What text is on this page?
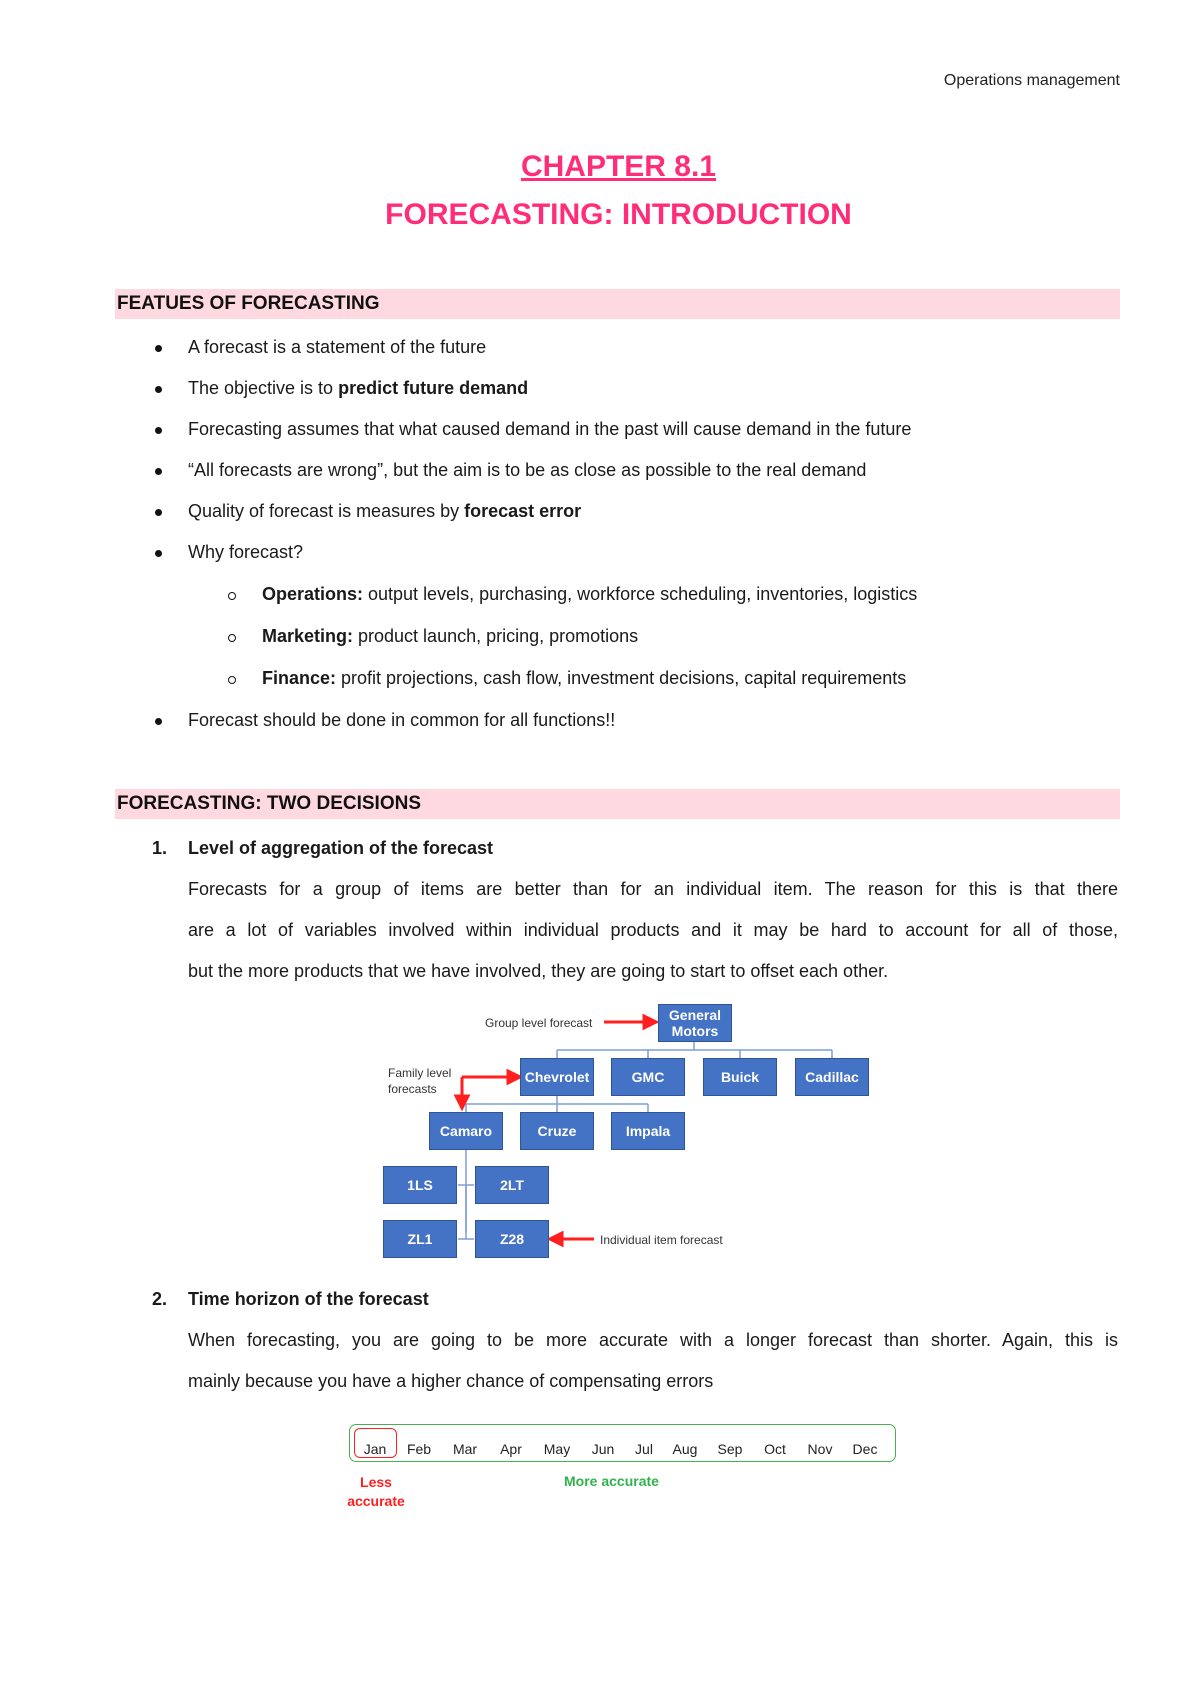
Operations management
CHAPTER 8.1
FORECASTING: INTRODUCTION
FEATUES OF FORECASTING
A forecast is a statement of the future
The objective is to predict future demand
Forecasting assumes that what caused demand in the past will cause demand in the future
“All forecasts are wrong”, but the aim is to be as close as possible to the real demand
Quality of forecast is measures by forecast error
Why forecast?
Operations: output levels, purchasing, workforce scheduling, inventories, logistics
Marketing: product launch, pricing, promotions
Finance: profit projections, cash flow, investment decisions, capital requirements
Forecast should be done in common for all functions!!
FORECASTING: TWO DECISIONS
1. Level of aggregation of the forecast
Forecasts for a group of items are better than for an individual item. The reason for this is that there
are a lot of variables involved within individual products and it may be hard to account for all of those,
but the more products that we have involved, they are going to start to offset each other.
Group level forecast
Family level
forecasts
Individual item forecast
General Motors
Chevrolet	GMC	Buick	Cadillac
Camaro	Cruze	Impala
1LS	2LT
ZL1	Z28
2. Time horizon of the forecast
When forecasting, you are going to be more accurate with a longer forecast than shorter. Again, this is
mainly because you have a higher chance of compensating errors
Jan	Feb	Mar	Apr	May	Jun	Jul	Aug	Sep	Oct	Nov	Dec
Less
accurate
More accurate
